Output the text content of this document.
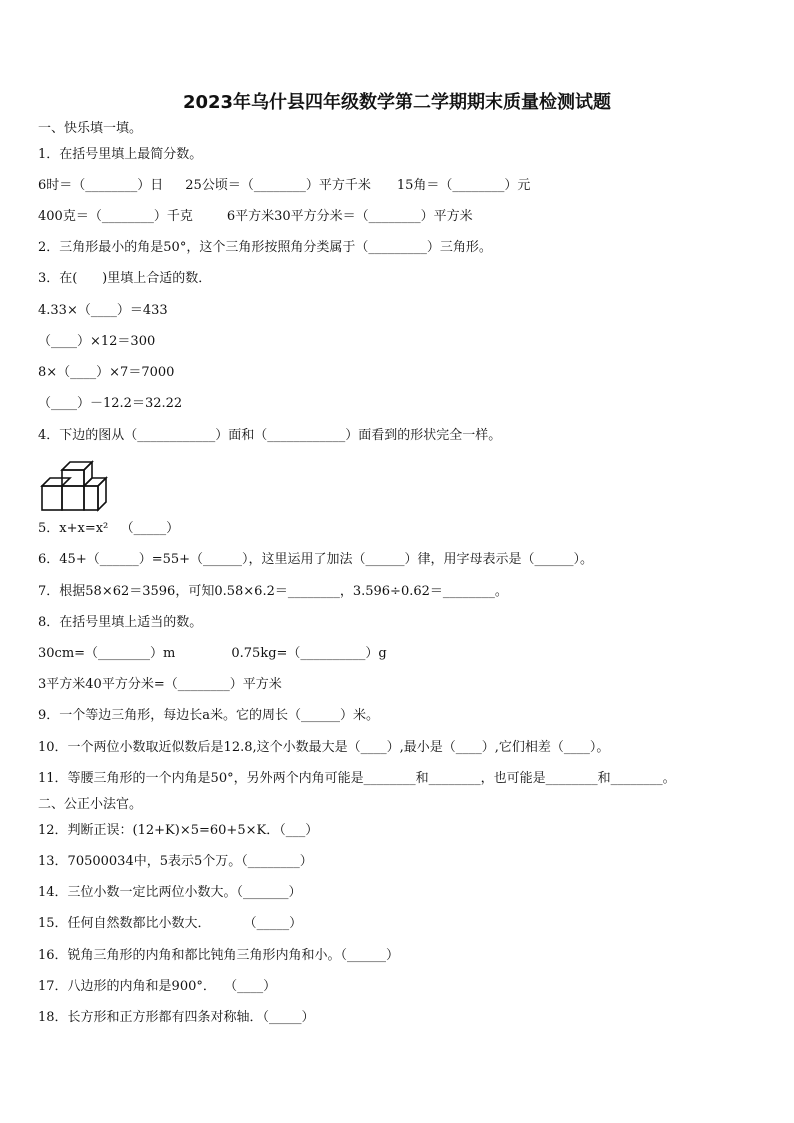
2023年乌什县四年级数学第二学期期末质量检测试题
一、快乐填一填。
1．在括号里填上最简分数。
6时＝（________）日 25公顷＝（________）平方千米 15角＝（________）元
400克＝（________）千克	6平方米30平方分米＝（________）平方米
2．三角形最小的角是50°，这个三角形按照角分类属于（_________）三角形。
3．在(      )里填上合适的数．
4.33×（____）＝433
（____）×12＝300
8×（____）×7＝7000
（____）－12.2＝32.22
4．下边的图从（____________）面和（____________）面看到的形状完全一样。
5．x+x=x²   （_____）
6．45+（______）=55+（______），这里运用了加法（______）律，用字母表示是（______）。
7．根据58×62＝3596，可知0.58×6.2＝________，3.596÷0.62＝________。
8．在括号里填上适当的数。
30cm=（________）m	0.75kg=（__________）g
3平方米40平方分米=（________）平方米
9．一个等边三角形，每边长a米。它的周长（______）米。
10．一个两位小数取近似数后是12.8,这个小数最大是（____）,最小是（____）,它们相差（____）。
11．等腰三角形的一个内角是50°，另外两个内角可能是________和________，也可能是________和________。
二、公正小法官。
12．判断正误：(12+K)×5=60+5×K．（___）
13．70500034中，5表示5个万。（________）
14．三位小数一定比两位小数大。（_______）
15．任何自然数都比小数大．        （_____）
16．锐角三角形的内角和都比钝角三角形内角和小。（______）
17．八边形的内角和是900°．  （____）
18．长方形和正方形都有四条对称轴．（_____）
